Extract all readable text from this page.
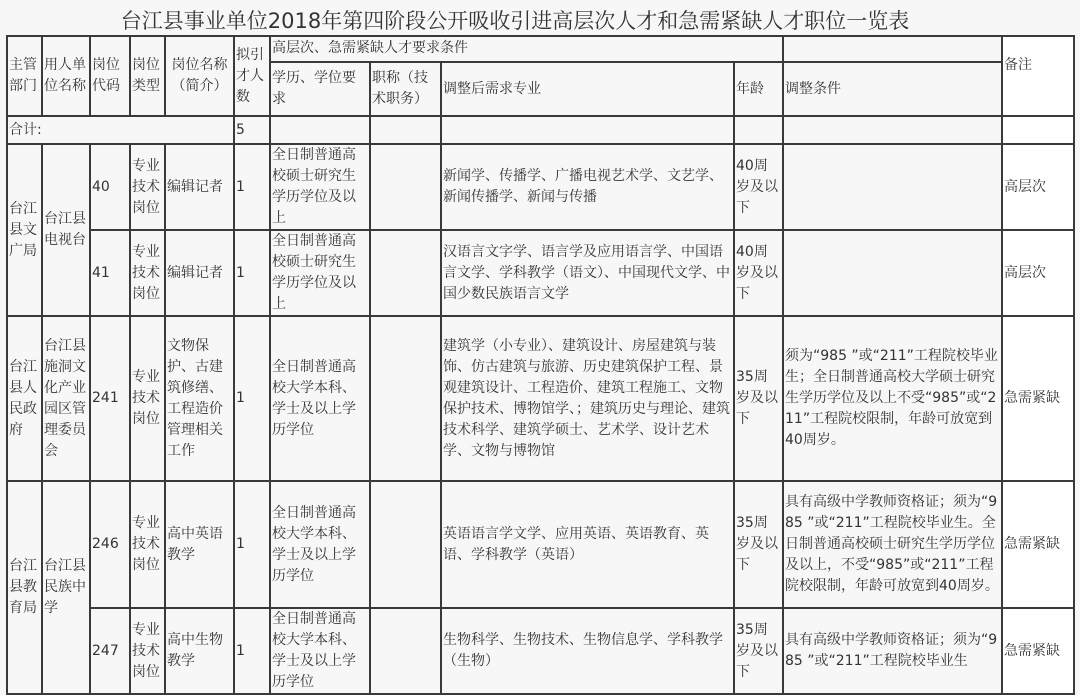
台江县事业单位2018年第四阶段公开吸收引进高层次人才和急需紧缺人才职位一览表
主管部门	用人单位名称	岗位代码	岗位类型	岗位名称（简介）	拟引才人数	高层次、急需紧缺人才要求条件					备注
						学历、学位要求	职称（技术职务）	调整后需求专业	年龄	调整条件	
合计:					5						
台江县文广局	台江县电视台	40	专业技术岗位	编辑记者	1	全日制普通高校硕士研究生学历学位及以上		新闻学、传播学、广播电视艺术学、文艺学、新闻传播学、新闻与传播	40周岁及以下		高层次
		41	专业技术岗位	编辑记者	1	全日制普通高校硕士研究生学历学位及以上		汉语言文字学、语言学及应用语言学、中国语言文学、学科教学（语文）、中国现代文学、中国少数民族语言文学	40周岁及以下		高层次
台江县人民政府	台江县施洞文化产业园区管理委员会	241	专业技术岗位	文物保护、古建筑修缮、工程造价管理相关工作	1	全日制普通高校大学本科、学士及以上学历学位		建筑学（小专业）、建筑设计、房屋建筑与装饰、仿古建筑与旅游、历史建筑保护工程、景观建筑设计、工程造价、建筑工程施工、文物保护技术、博物馆学、；建筑历史与理论、建筑技术科学、建筑学硕士、艺术学、设计艺术学、文物与博物馆	35周岁及以下	须为“985 ”或“211”工程院校毕业生；全日制普通高校大学硕士研究生学历学位及以上不受“985”或“211”工程院校限制，年龄可放宽到40周岁。	急需紧缺
台江县教育局	台江县民族中学	246	专业技术岗位	高中英语教学	1	全日制普通高校大学本科、学士及以上学历学位		英语语言学文学、应用英语、英语教育、英语、学科教学（英语）	35周岁及以下	具有高级中学教师资格证；须为“985 ”或“211”工程院校毕业生。全日制普通高校硕士研究生学历学位及以上，不受“985”或“211”工程院校限制，年龄可放宽到40周岁。	急需紧缺
		247	专业技术岗位	高中生物教学	1	全日制普通高校大学本科、学士及以上学历学位		生物科学、生物技术、生物信息学、学科教学（生物）	35周岁及以下	具有高级中学教师资格证；须为“985 ”或“211”工程院校毕业生	急需紧缺
